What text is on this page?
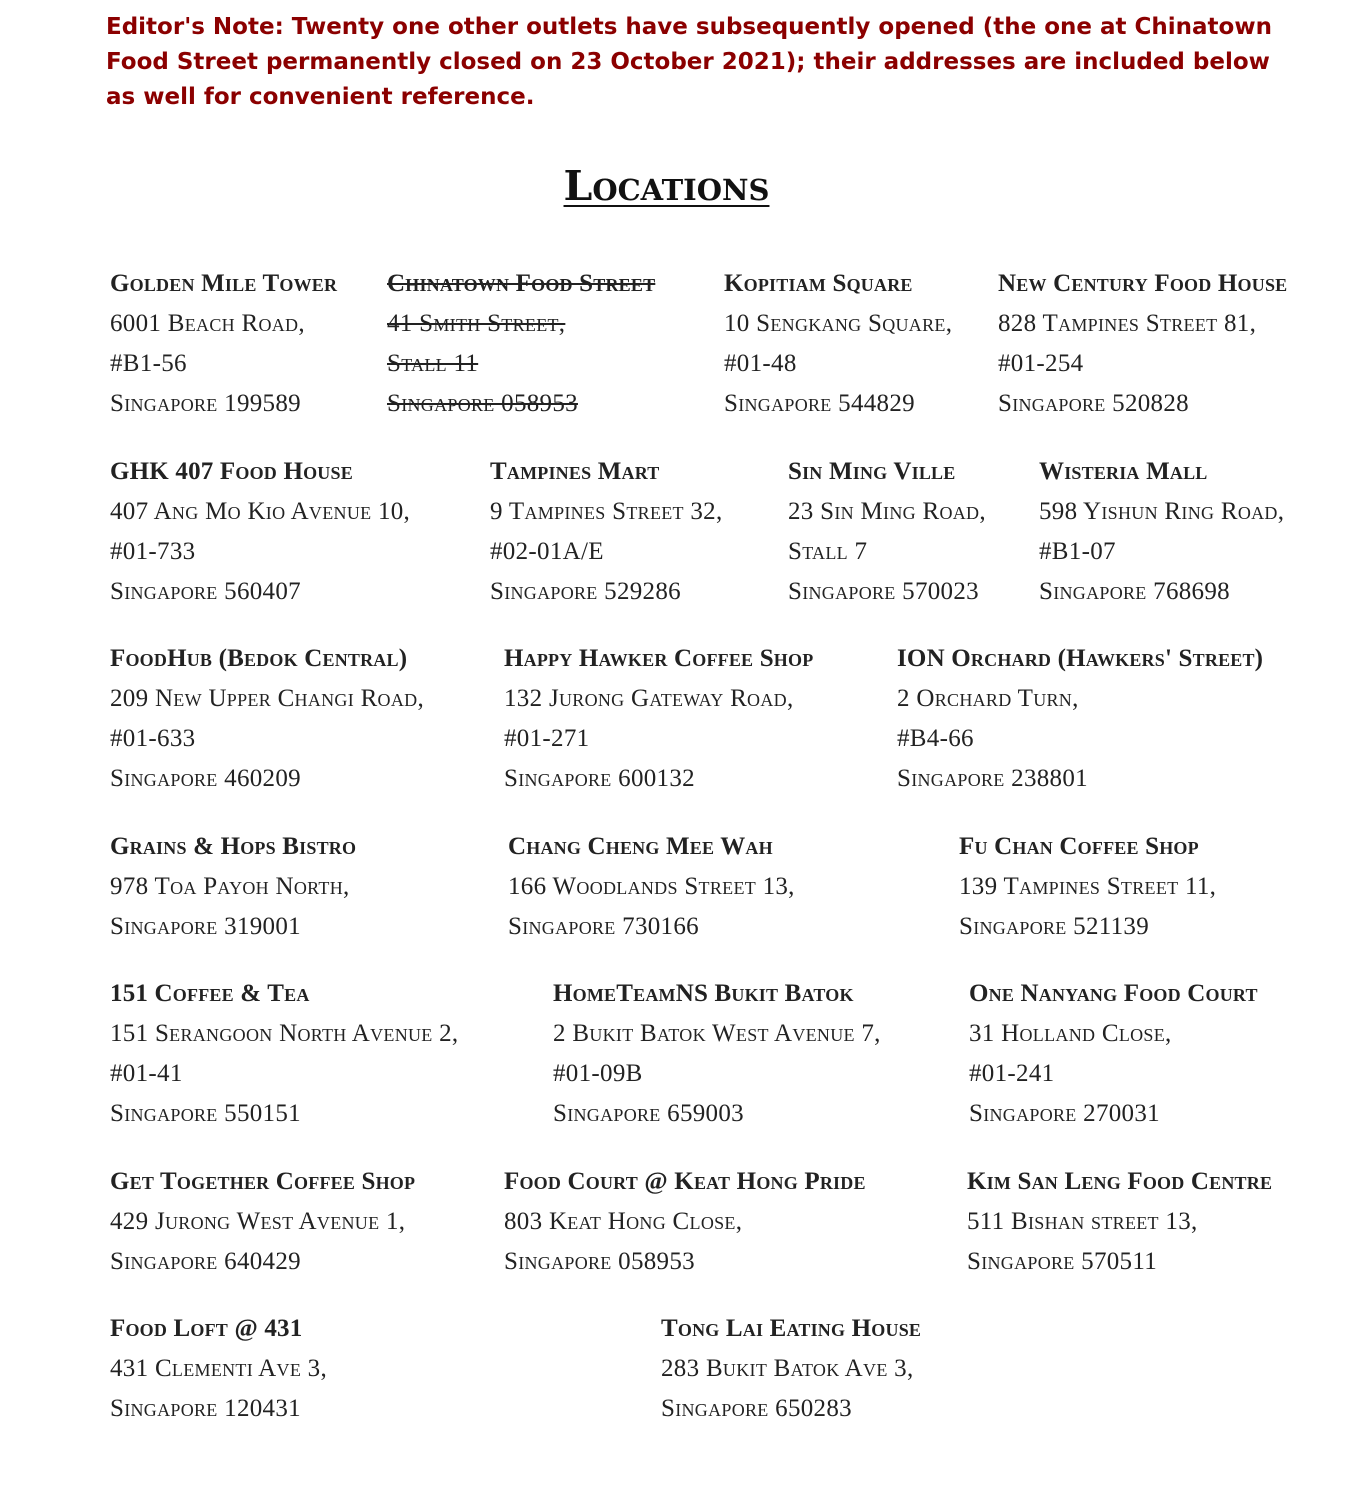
Editor's Note: Twenty one other outlets have subsequently opened (the one at Chinatown Food Street permanently closed on 23 October 2021); their addresses are included below as well for convenient reference.

Locations
Golden Mile Tower
6001 Beach Road,
#B1-56
Singapore 199589
Chinatown Food Street
41 Smith Street,
Stall 11
Singapore 058953
Kopitiam Square
10 Sengkang Square,
#01-48
Singapore 544829
New Century Food House
828 Tampines Street 81,
#01-254
Singapore 520828
GHK 407 Food House
407 Ang Mo Kio Avenue 10,
#01-733
Singapore 560407
Tampines Mart
9 Tampines Street 32,
#02-01A/E
Singapore 529286
Sin Ming Ville
23 Sin Ming Road,
Stall 7
Singapore 570023
Wisteria Mall
598 Yishun Ring Road,
#B1-07
Singapore 768698
FoodHub (Bedok Central)
209 New Upper Changi Road,
#01-633
Singapore 460209
Happy Hawker Coffee Shop
132 Jurong Gateway Road,
#01-271
Singapore 600132
ION Orchard (Hawkers' Street)
2 Orchard Turn,
#B4-66
Singapore 238801
Grains & Hops Bistro
978 Toa Payoh North,
Singapore 319001
Chang Cheng Mee Wah
166 Woodlands Street 13,
Singapore 730166
Fu Chan Coffee Shop
139 Tampines Street 11,
Singapore 521139
151 Coffee & Tea
151 Serangoon North Avenue 2,
#01-41
Singapore 550151
HomeTeamNS Bukit Batok
2 Bukit Batok West Avenue 7,
#01-09B
Singapore 659003
One Nanyang Food Court
31 Holland Close,
#01-241
Singapore 270031
Get Together Coffee Shop
429 Jurong West Avenue 1,
Singapore 640429
Food Court @ Keat Hong Pride
803 Keat Hong Close,
Singapore 058953
Kim San Leng Food Centre
511 Bishan street 13,
Singapore 570511
Food Loft @ 431
431 Clementi Ave 3,
Singapore 120431
Tong Lai Eating House
283 Bukit Batok Ave 3,
Singapore 650283
